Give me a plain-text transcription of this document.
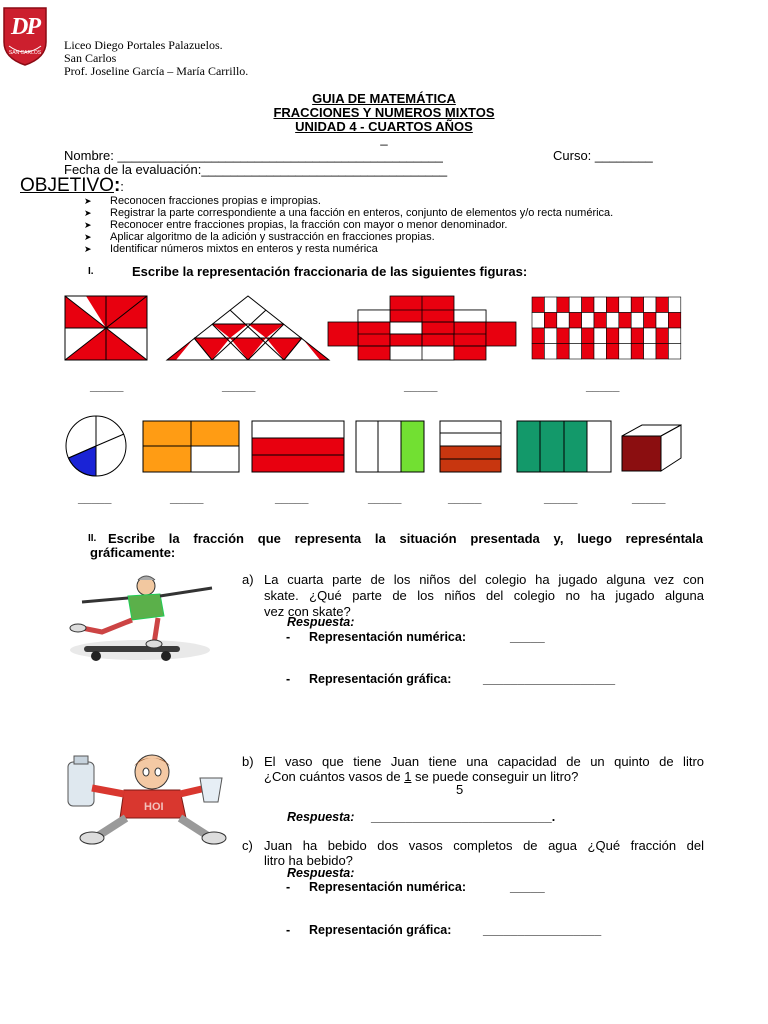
DP
SAN CARLOS
Liceo Diego Portales Palazuelos.
San Carlos
Prof. Joseline García – María Carrillo.
GUIA DE MATEMÁTICA
FRACCIONES Y NUMEROS MIXTOS
UNIDAD 4 - CUARTOS AÑOS
_
Nombre: _____________________________________________	Curso: ________
Fecha de la evaluación:__________________________________
OBJETIVO::
➤ Reconocen fracciones propias e impropias.
➤ Registrar la parte correspondiente a una facción en enteros, conjunto de elementos y/o recta numérica.
➤ Reconocer entre fracciones propias, la fracción con mayor o menor denominador.
➤ Aplicar algoritmo de la adición y sustracción en fracciones propias.
➤ Identificar números mixtos en enteros y resta numérica
I.	Escribe la representación fraccionaria de las siguientes figuras:
_____	_____	_____	_____
_____	_____	_____	_____	_____	_____	_____
II. Escribe la fracción que representa la situación presentada y, luego represéntala
gráficamente:
a) La cuarta parte de los niños del colegio ha jugado alguna vez con
skate. ¿Qué parte de los niños del colegio no ha jugado alguna
vez con skate?
Respuesta:
- Representación numérica:	_____
- Representación gráfica:	___________________
HOI
b) El vaso que tiene Juan tiene una capacidad de un quinto de litro
¿Con cuántos vasos de 1 se puede conseguir un litro?
5
Respuesta: __________________________.
c) Juan ha bebido dos vasos completos de agua ¿Qué fracción del
litro ha bebido?
Respuesta:
- Representación numérica:	_____
- Representación gráfica:	_________________
